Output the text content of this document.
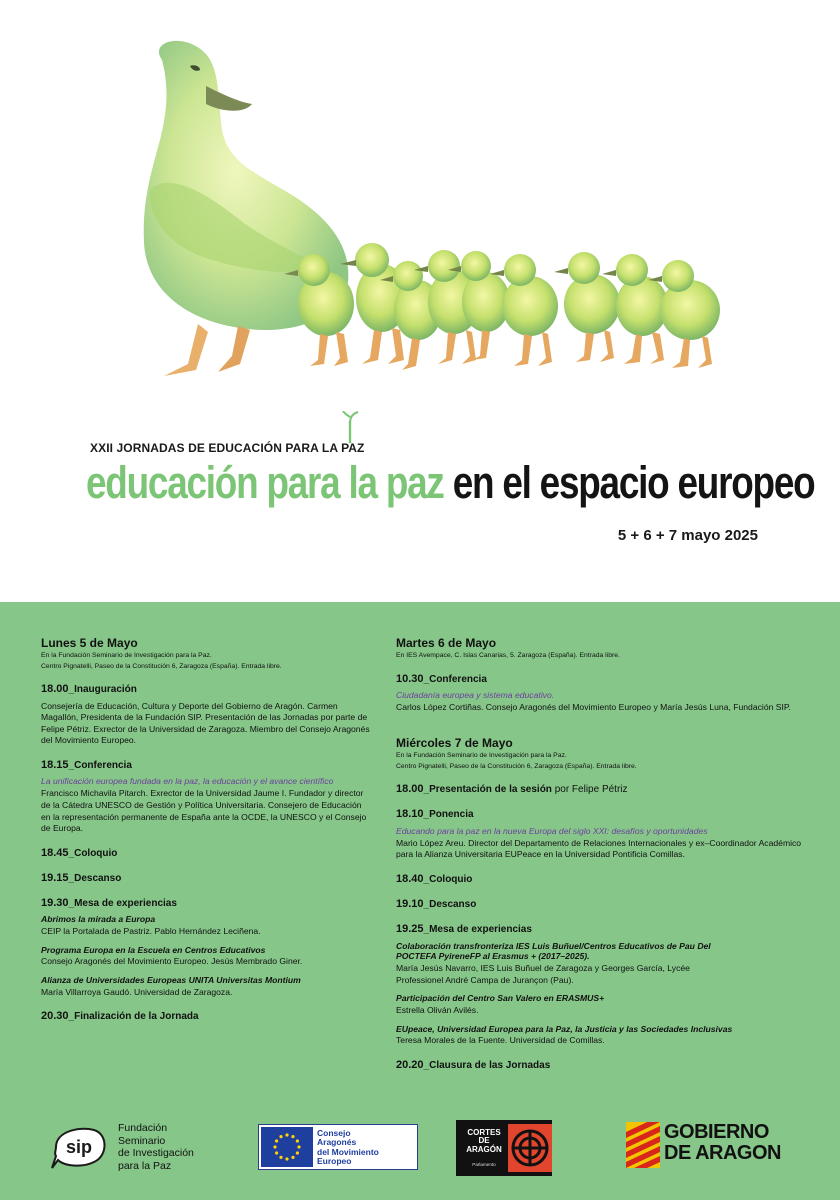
XXII JORNADAS DE EDUCACIÓN PARA LA PAZ
educación para la paz en el espacio europeo
5 + 6 + 7 mayo 2025
Lunes 5 de Mayo
En la Fundación Seminario de Investigación para la Paz.
Centro Pignatelli, Paseo de la Constitución 6, Zaragoza (España). Entrada libre.
18.00_Inauguración
Consejería de Educación, Cultura y Deporte del Gobierno de Aragón. Carmen Magallón, Presidenta de la Fundación SIP. Presentación de las Jornadas por parte de Felipe Pétriz. Exrector de la Universidad de Zaragoza. Miembro del Consejo Aragonés del Movimiento Europeo.
18.15_Conferencia
La unificación europea fundada en la paz, la educación y el avance científico
Francisco Michavila Pitarch. Exrector de la Universidad Jaume I. Fundador y director de la Cátedra UNESCO de Gestión y Política Universitaria. Consejero de Educación en la representación permanente de España ante la OCDE, la UNESCO y el Consejo de Europa.
18.45_Coloquio
19.15_Descanso
19.30_Mesa de experiencias
Abrimos la mirada a Europa
CEIP la Portalada de Pastriz. Pablo Hernández Leciñena.
Programa Europa en la Escuela en Centros Educativos
Consejo Aragonés del Movimiento Europeo. Jesús Membrado Giner.
Alianza de Universidades Europeas UNITA Universitas Montium
María Villarroya Gaudó. Universidad de Zaragoza.
20.30_Finalización de la Jornada
Martes 6 de Mayo
En IES Avempace, C. Islas Canarias, 5. Zaragoza (España). Entrada libre.
10.30_Conferencia
Ciudadanía europea y sistema educativo.
Carlos López Cortiñas. Consejo Aragonés del Movimiento Europeo y María Jesús Luna, Fundación SIP.
Miércoles 7 de Mayo
En la Fundación Seminario de Investigación para la Paz.
Centro Pignatelli, Paseo de la Constitución 6, Zaragoza (España). Entrada libre.
18.00_Presentación de la sesión por Felipe Pétriz
18.10_Ponencia
Educando para la paz en la nueva Europa del siglo XXI: desafíos y oportunidades
Mario López Areu. Director del Departamento de Relaciones Internacionales y ex–Coordinador Académico para la Alianza Universitaria EUPeace en la Universidad Pontificia Comillas.
18.40_Coloquio
19.10_Descanso
19.25_Mesa de experiencias
Colaboración transfronteriza IES Luis Buñuel/Centros Educativos de Pau Del POCTEFA PyireneFP al Erasmus + (2017–2025).
María Jesús Navarro, IES Luis Buñuel de Zaragoza y Georges García, Lycée Professionel André Campa de Jurançon (Pau).
Participación del Centro San Valero en ERASMUS+
Estrella Oliván Avilés.
EUpeace, Universidad Europea para la Paz, la Justicia y las Sociedades Inclusivas
Teresa Morales de la Fuente. Universidad de Comillas.
20.20_Clausura de las Jornadas
sip
Fundación
Seminario
de Investigación
para la Paz
Consejo
Aragonés
del Movimiento
Europeo
CORTES
DE
ARAGÓN
Parlamento
GOBIERNO
DE ARAGON
